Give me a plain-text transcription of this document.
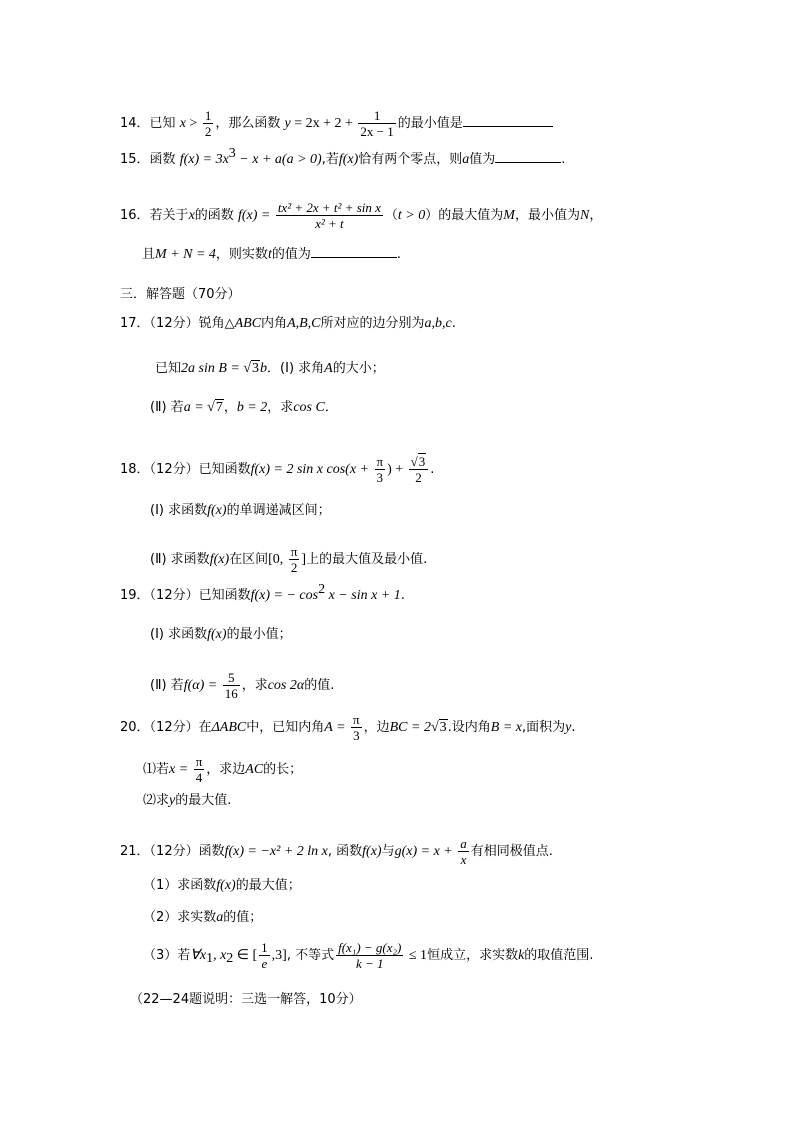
14．已知 $x > \frac{1}{2}$ ，那么函数 $y = 2x + 2 + \frac{1}{2x - 1}$ 的最小值是
15．函数 $f(x) = 3x^3 - x + a(a > 0)$,若f(x)恰有两个零点，则a值为	.
16．若关于x的函数 $f(x) = \frac{\text{tx² + 2x + t² + sin x}}{\text{x² + t}} (t > 0)$的最大值为M，最小值为N，
且M + N = 4，则实数t的值为	.
三．解答题（70分）
17．（12分）锐角△ABC内角A,B,C所对应的边分别为a,b,c.
已知2a sin B = √3b．(Ⅰ) 求角A的大小；
(Ⅱ) 若a = √7，b = 2，求cos C．
18．（12分）已知函数f(x) = 2 sin x $\cos(x + \frac{\pi}{3}$ ) + $\frac{√3}{2}$ .
(Ⅰ) 求函数f(x)的单调递减区间；
(Ⅱ) 求函数f(x)在区间[0, $\frac{\pi}{2}$ ]上的最大值及最小值.
19．（12分）已知函数f(x) = − $\cos^2 x - \sin x + 1$.
(Ⅰ) 求函数f(x)的最小值；
(Ⅱ) 若$f(\alpha) = \frac{5}{16}$ ，求cos 2α的值.
20．（12分）在ΔABC中，已知内角$A = \frac{\pi}{3}$ ，边BC = 2√3.设内角B = x,面积为y.
⑴若$x = \frac{\pi}{4}$ ，求边AC的长；
⑵求y的最大值.
21．（12分）函数f(x) = −x² + 2 ln x, 函数f(x)与$g(x) = x + \frac{a}{x}$ 有相同极值点.
（1）求函数f(x)的最大值；
（2）求实数a的值；
（3）若$\forall x_1$, $x_2$ ∈ [ $\frac{1}{e} ,3$], 不等式 $\frac{\text{f(x₁) − g(x₂)}}{k - 1} \le 1$恒成立，求实数k的取值范围.
（22—24题说明：三选一解答，10分）
